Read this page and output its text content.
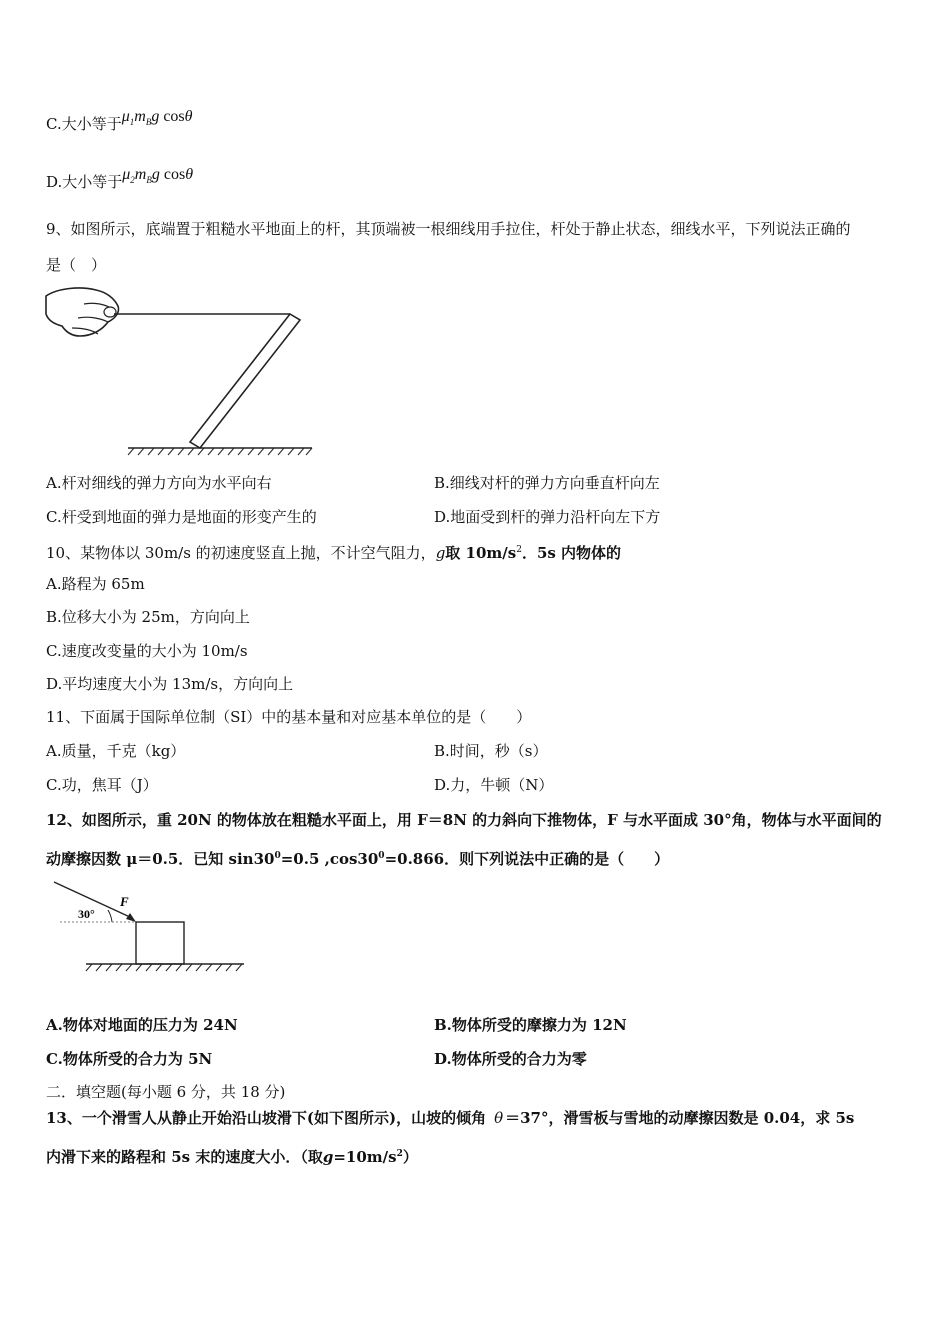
C.大小等于$\mu_1m_Bg$ cosθ
D.大小等于$\mu_2m_Bg$ cosθ
9、如图所示，底端置于粗糙水平地面上的杆，其顶端被一根细线用手拉住，杆处于静止状态，细线水平，下列说法正确的
是（　）
A.杆对细线的弹力方向为水平向右	B.细线对杆的弹力方向垂直杆向左
C.杆受到地面的弹力是地面的形变产生的	D.地面受到杆的弹力沿杆向左下方
10、某物体以 30m/s 的初速度竖直上抛，不计空气阻力，g取 $10m/s^2$．5s 内物体的
A.路程为 65m
B.位移大小为 25m，方向向上
C.速度改变量的大小为 10m/s
D.平均速度大小为 13m/s，方向向上
11、下面属于国际单位制（SI）中的基本量和对应基本单位的是（　　）
A.质量，千克（kg）	B.时间，秒（s）
C.功，焦耳（J）	D.力，牛顿（N）
12、如图所示，重 20N 的物体放在粗糙水平面上，用 F＝8N 的力斜向下推物体，F 与水平面成 30°角，物体与水平面间的
动摩擦因数 μ＝0.5．已知 $\sin 30^0=0.5$ $,\cos 30^0=0.866$．则下列说法中正确的是（　　）
30°
F
A.物体对地面的压力为 24N	B.物体所受的摩擦力为 12N
C.物体所受的合力为 5N	D.物体所受的合力为零
二．填空题(每小题 6 分，共 18 分)
13、一个滑雪人从静止开始沿山坡滑下(如下图所示)，山坡的倾角 θ ＝37°，滑雪板与雪地的动摩擦因数是 0.04，求 5s
内滑下来的路程和 5s 末的速度大小．（取$g=10m/s^2$）
